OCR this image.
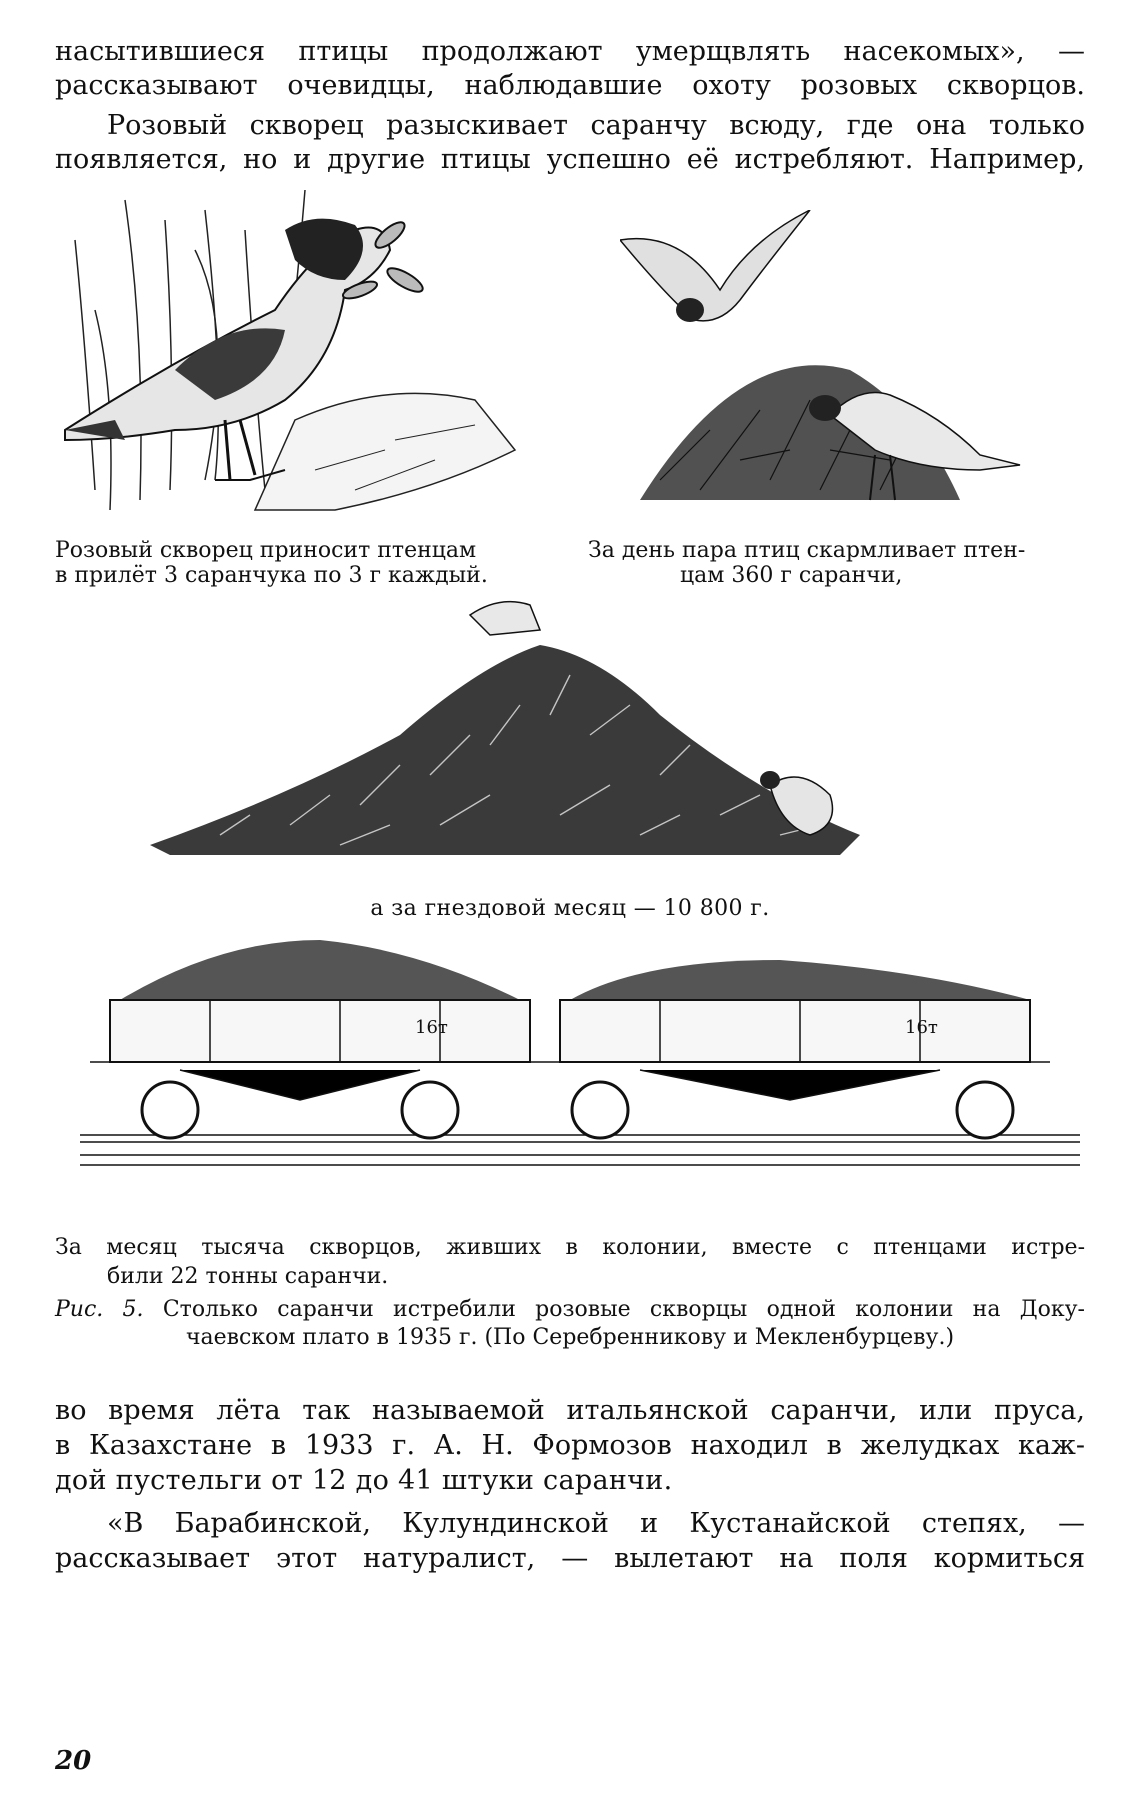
насытившиеся птицы продолжают умерщвлять насекомых», —
рассказывают очевидцы, наблюдавшие охоту розовых скворцов.
Розовый скворец разыскивает саранчу всюду, где она только
появляется, но и другие птицы успешно её истребляют. Например,
Розовый скворец приносит птенцам
в прилёт 3 саранчука по 3 г каждый.
За день пара птиц скармливает птен-
цам 360 г саранчи,
а за гнездовой месяц — 10 800 г.
16т	16т
За месяц тысяча скворцов, живших в колонии, вместе с птенцами истре-
били 22 тонны саранчи.
Рис. 5. Столько саранчи истребили розовые скворцы одной колонии на Доку-
чаевском плато в 1935 г. (По Серебренникову и Мекленбурцеву.)
во время лёта так называемой итальянской саранчи, или пруса,
в Казахстане в 1933 г. А. Н. Формозов находил в желудках каж-
дой пустельги от 12 до 41 штуки саранчи.
«В Барабинской, Кулундинской и Кустанайской степях, —
рассказывает этот натуралист, — вылетают на поля кормиться
20
